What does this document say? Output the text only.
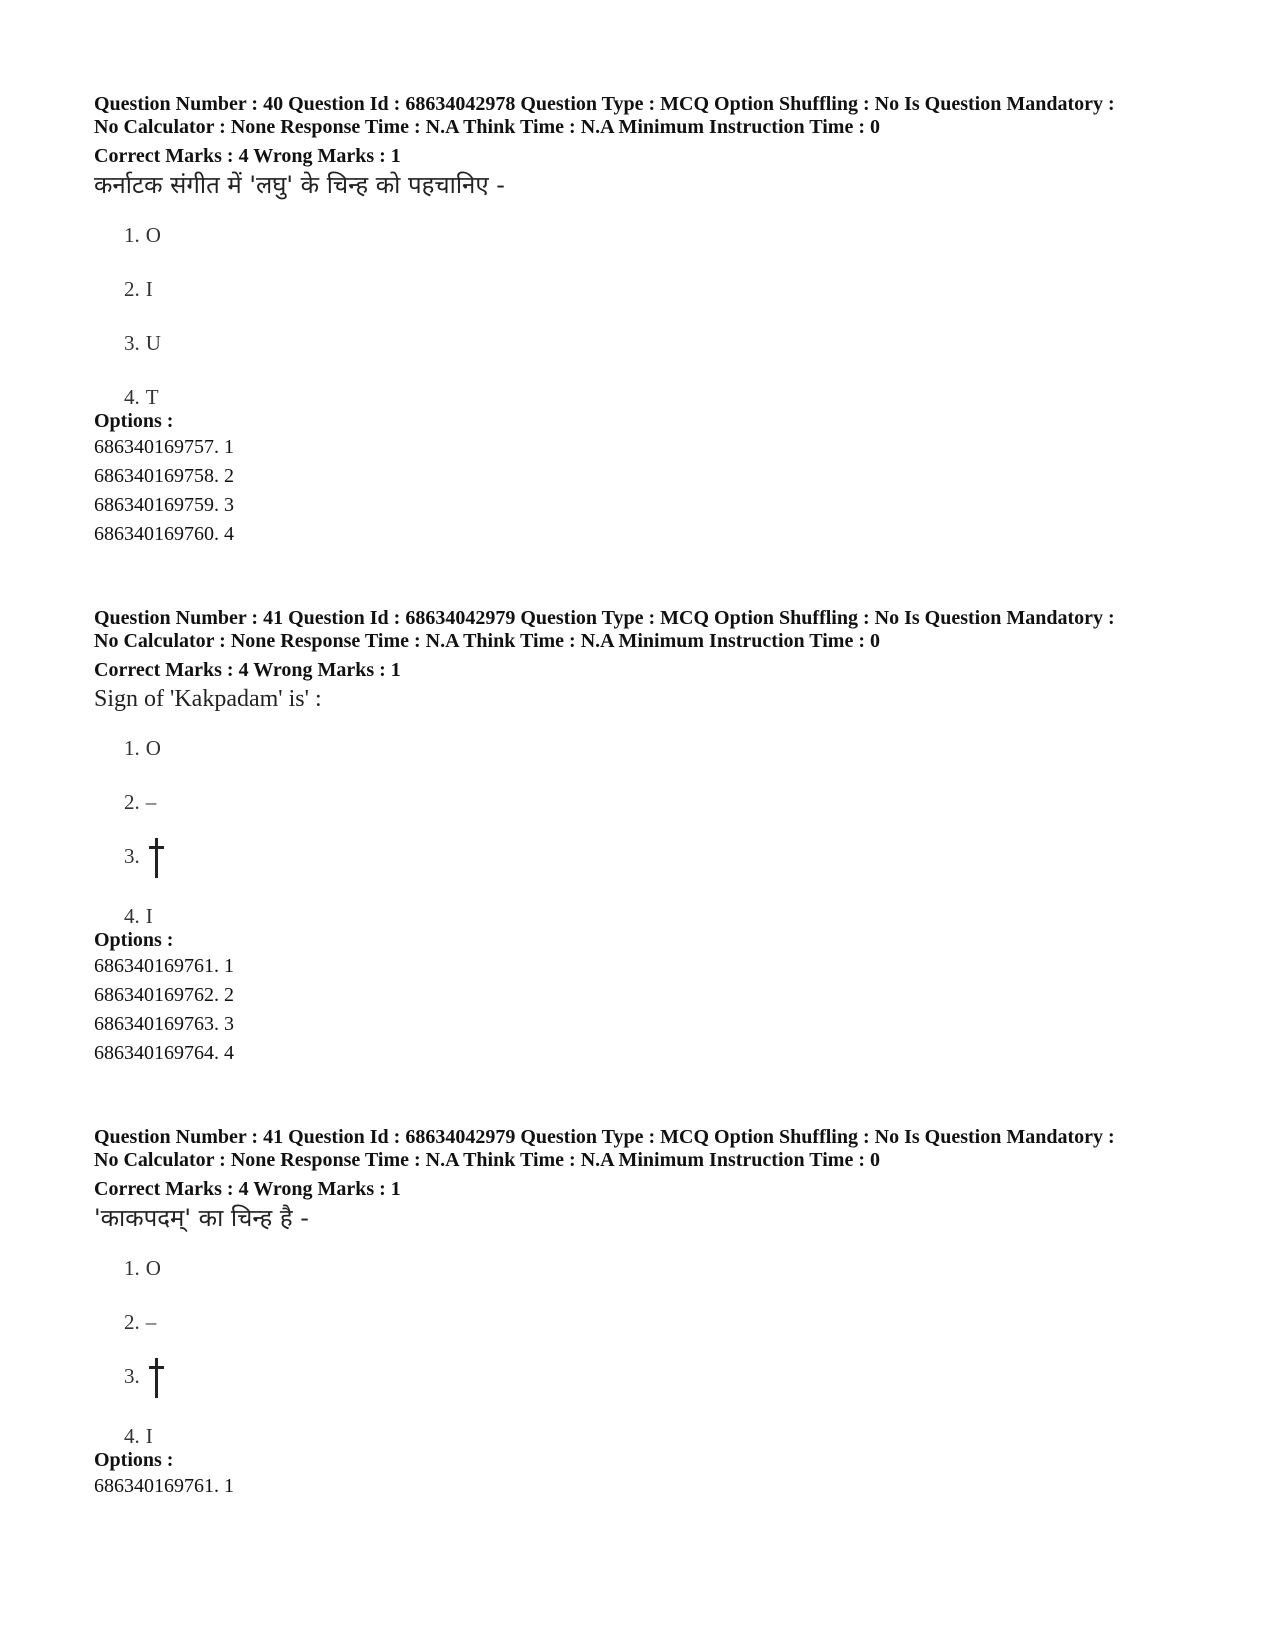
Question Number : 40 Question Id : 68634042978 Question Type : MCQ Option Shuffling : No Is Question Mandatory :
No Calculator : None Response Time : N.A Think Time : N.A Minimum Instruction Time : 0
Correct Marks : 4 Wrong Marks : 1
कर्नाटक संगीत में 'लघु' के चिन्ह को पहचानिए -
1. O
2. I
3. U
4. T
Options :
686340169757. 1
686340169758. 2
686340169759. 3
686340169760. 4
Question Number : 41 Question Id : 68634042979 Question Type : MCQ Option Shuffling : No Is Question Mandatory :
No Calculator : None Response Time : N.A Think Time : N.A Minimum Instruction Time : 0
Correct Marks : 4 Wrong Marks : 1
Sign of 'Kakpadam' is' :
1. O
2. –
3.
4. I
Options :
686340169761. 1
686340169762. 2
686340169763. 3
686340169764. 4
Question Number : 41 Question Id : 68634042979 Question Type : MCQ Option Shuffling : No Is Question Mandatory :
No Calculator : None Response Time : N.A Think Time : N.A Minimum Instruction Time : 0
Correct Marks : 4 Wrong Marks : 1
'काकपदम्' का चिन्ह है -
1. O
2. –
3.
4. I
Options :
686340169761. 1
